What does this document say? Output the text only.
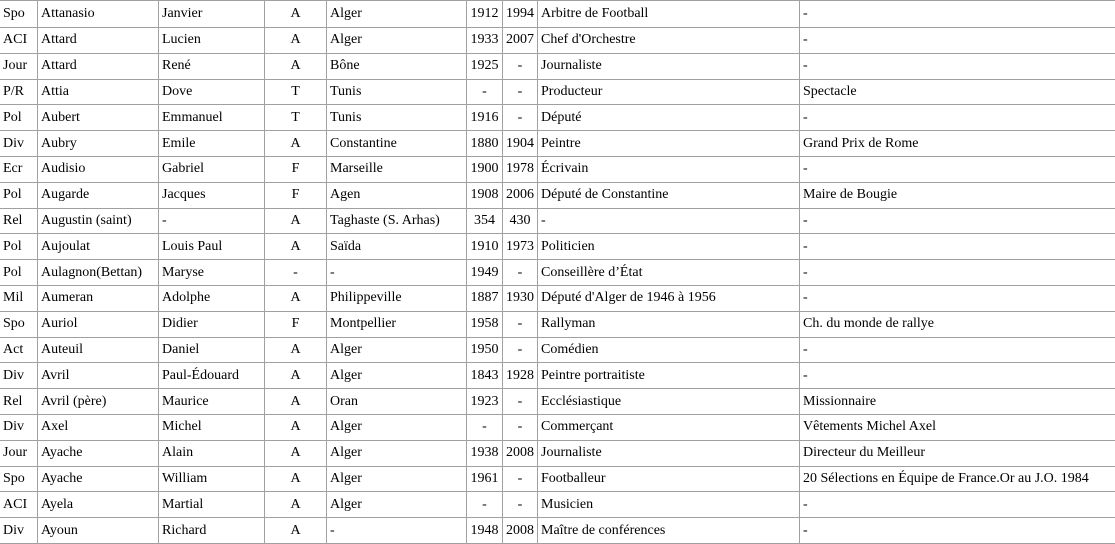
Spo	Attanasio	Janvier	A	Alger	1912	1994	Arbitre de Football	-
ACI	Attard	Lucien	A	Alger	1933	2007	Chef d'Orchestre	-
Jour	Attard	René	A	Bône	1925	-	Journaliste	-
P/R	Attia	Dove	T	Tunis	-	-	Producteur	Spectacle
Pol	Aubert	Emmanuel	T	Tunis	1916	-	Député	-
Div	Aubry	Emile	A	Constantine	1880	1904	Peintre	Grand Prix de Rome
Ecr	Audisio	Gabriel	F	Marseille	1900	1978	Écrivain	-
Pol	Augarde	Jacques	F	Agen	1908	2006	Député de Constantine	Maire de Bougie
Rel	Augustin (saint)	-	A	Taghaste (S. Arhas)	354	430	-	-
Pol	Aujoulat	Louis Paul	A	Saïda	1910	1973	Politicien	-
Pol	Aulagnon(Bettan)	Maryse	-	-	1949	-	Conseillère d’État	-
Mil	Aumeran	Adolphe	A	Philippeville	1887	1930	Député d'Alger de 1946 à 1956	-
Spo	Auriol	Didier	F	Montpellier	1958	-	Rallyman	Ch. du monde de rallye
Act	Auteuil	Daniel	A	Alger	1950	-	Comédien	-
Div	Avril	Paul-Édouard	A	Alger	1843	1928	Peintre portraitiste	-
Rel	Avril (père)	Maurice	A	Oran	1923	-	Ecclésiastique	Missionnaire
Div	Axel	Michel	A	Alger	-	-	Commerçant	Vêtements Michel Axel
Jour	Ayache	Alain	A	Alger	1938	2008	Journaliste	Directeur du Meilleur
Spo	Ayache	William	A	Alger	1961	-	Footballeur	20 Sélections en Équipe de France.Or au J.O. 1984
ACI	Ayela	Martial	A	Alger	-	-	Musicien	-
Div	Ayoun	Richard	A	-	1948	2008	Maître de conférences	-
